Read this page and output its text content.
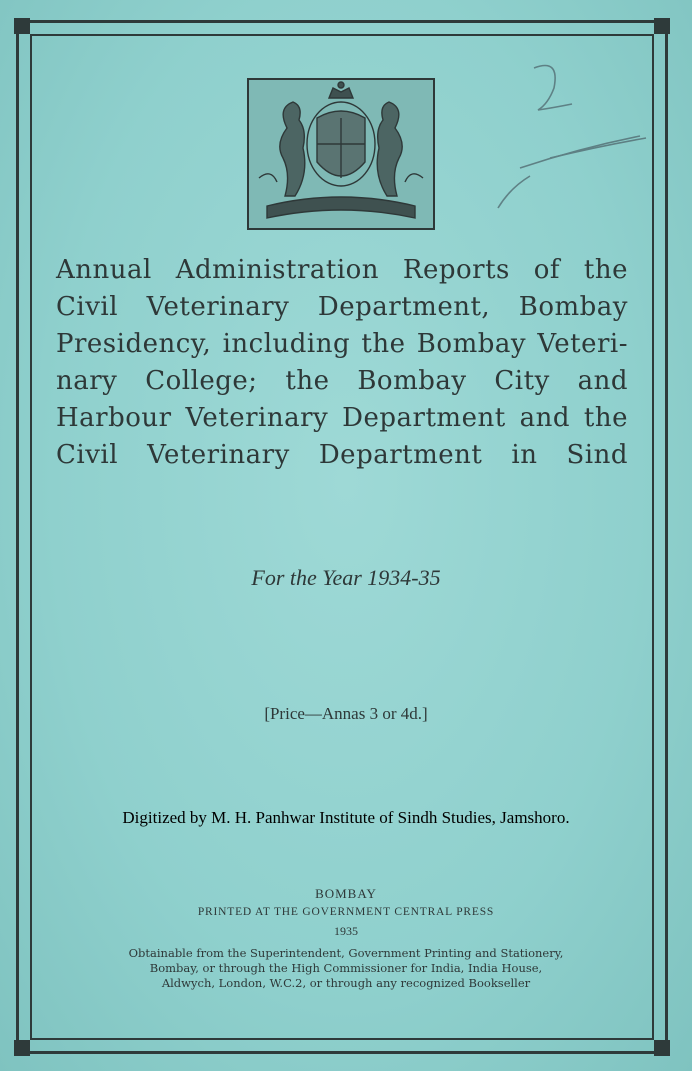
Annual Administration Reports of the
Civil Veterinary Department, Bombay
Presidency, including the Bombay Veteri-
nary College; the Bombay City and
Harbour Veterinary Department and the
Civil Veterinary Department in Sind
For the Year 1934-35
[Price—Annas 3 or 4d.]
Digitized by M. H. Panhwar Institute of Sindh Studies, Jamshoro.
BOMBAY
PRINTED AT THE GOVERNMENT CENTRAL PRESS
1935
Obtainable from the Superintendent, Government Printing and Stationery,
Bombay, or through the High Commissioner for India, India House,
Aldwych, London, W.C.2, or through any recognized Bookseller
